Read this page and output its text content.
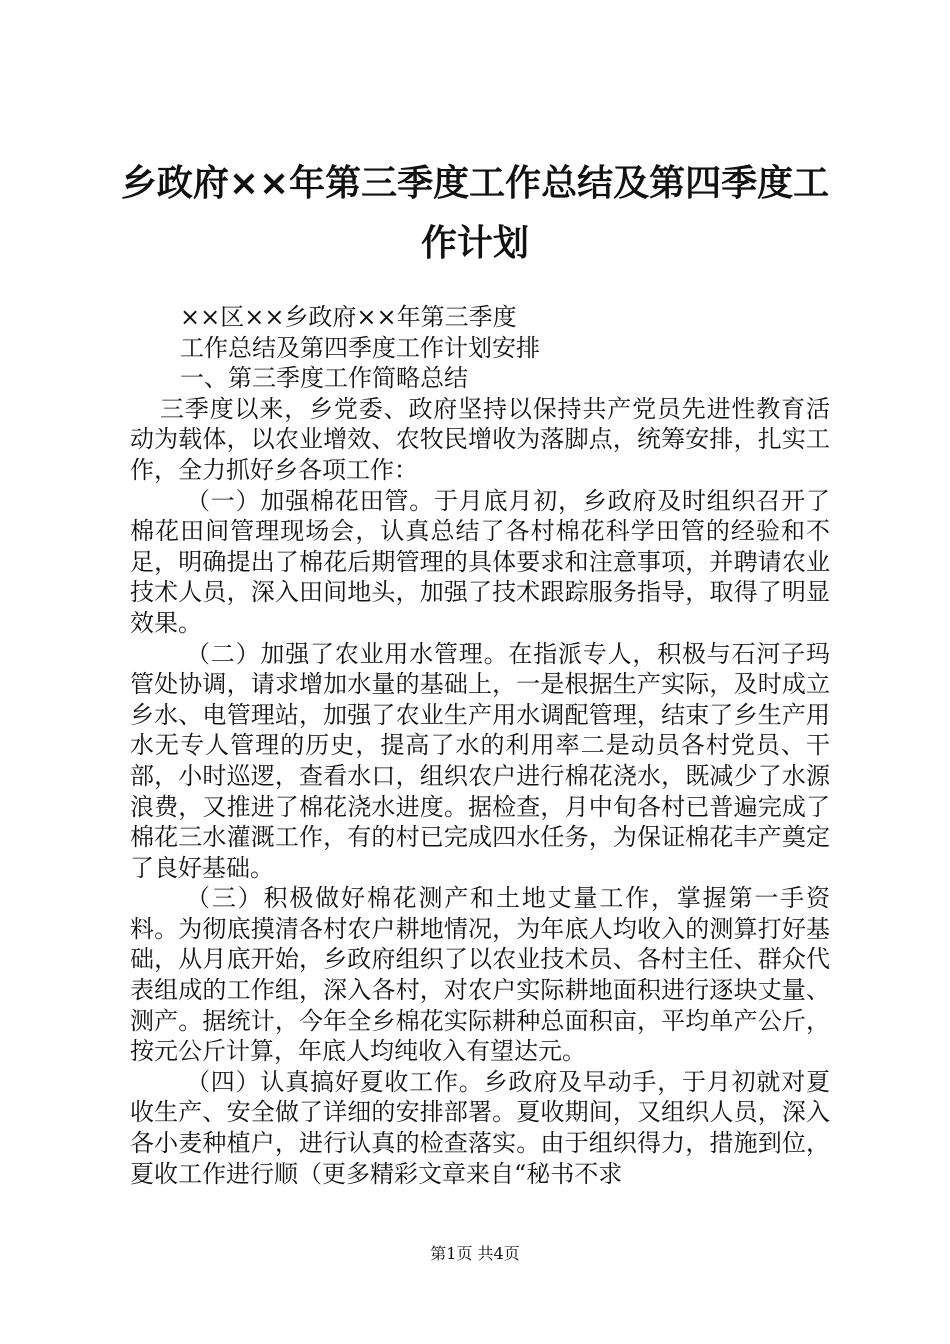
乡政府××年第三季度工作总结及第四季度工
作计划

××区××乡政府××年第三季度

工作总结及第四季度工作计划安排

一、第三季度工作简略总结

三季度以来，乡党委、政府坚持以保持共产党员先进性教育活动为载体，以农业增效、农牧民增收为落脚点，统筹安排，扎实工作，全力抓好乡各项工作：

（一）加强棉花田管。于月底月初，乡政府及时组织召开了棉花田间管理现场会，认真总结了各村棉花科学田管的经验和不足，明确提出了棉花后期管理的具体要求和注意事项，并聘请农业技术人员，深入田间地头，加强了技术跟踪服务指导，取得了明显效果。

（二）加强了农业用水管理。在指派专人，积极与石河子玛管处协调，请求增加水量的基础上，一是根据生产实际，及时成立乡水、电管理站，加强了农业生产用水调配管理，结束了乡生产用水无专人管理的历史，提高了水的利用率二是动员各村党员、干部，小时巡逻，查看水口，组织农户进行棉花浇水，既减少了水源浪费，又推进了棉花浇水进度。据检查，月中旬各村已普遍完成了棉花三水灌溉工作，有的村已完成四水任务，为保证棉花丰产奠定了良好基础。

（三）积极做好棉花测产和土地丈量工作，掌握第一手资料。为彻底摸清各村农户耕地情况，为年底人均收入的测算打好基础，从月底开始，乡政府组织了以农业技术员、各村主任、群众代表组成的工作组，深入各村，对农户实际耕地面积进行逐块丈量、测产。据统计，今年全乡棉花实际耕种总面积亩，平均单产公斤，按元公斤计算，年底人均纯收入有望达元。

（四）认真搞好夏收工作。乡政府及早动手，于月初就对夏收生产、安全做了详细的安排部署。夏收期间，又组织人员，深入各小麦种植户，进行认真的检查落实。由于组织得力，措施到位，夏收工作进行顺（更多精彩文章来自“秘书不求

第1页 共4页
